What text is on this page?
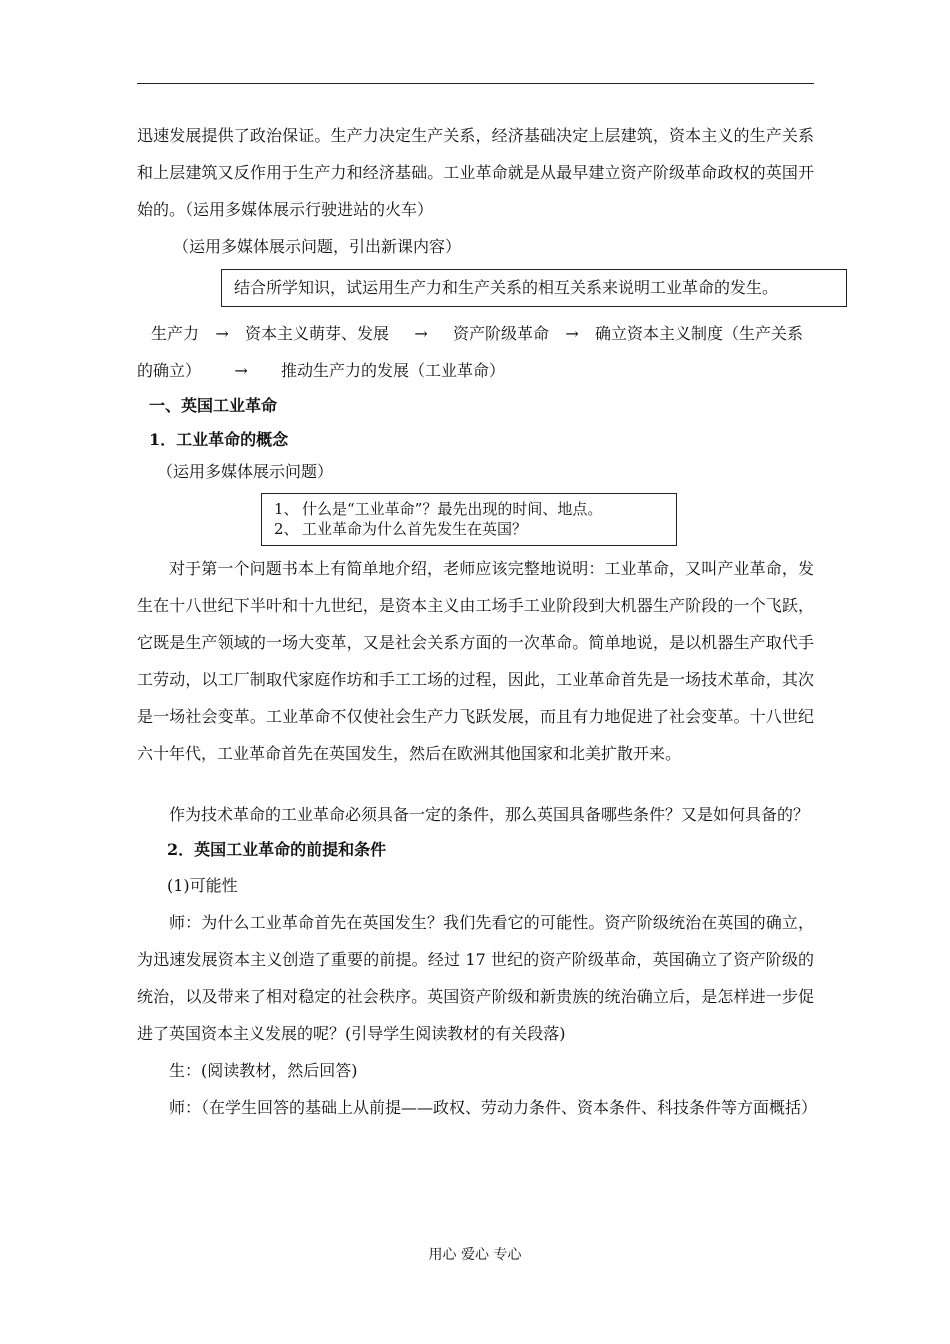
迅速发展提供了政治保证。生产力决定生产关系，经济基础决定上层建筑，资本主义的生产关系和上层建筑又反作用于生产力和经济基础。工业革命就是从最早建立资产阶级革命政权的英国开始的。（运用多媒体展示行驶进站的火车）
（运用多媒体展示问题，引出新课内容）
结合所学知识，试运用生产力和生产关系的相互关系来说明工业革命的发生。
生产力 → 资本主义萌芽、发展 → 资产阶级革命 → 确立资本主义制度（生产关系的确立） → 推动生产力的发展（工业革命）
一、英国工业革命
1．工业革命的概念
（运用多媒体展示问题）
1、 什么是“工业革命”？最先出现的时间、地点。
2、 工业革命为什么首先发生在英国？
对于第一个问题书本上有简单地介绍，老师应该完整地说明：工业革命，又叫产业革命，发生在十八世纪下半叶和十九世纪，是资本主义由工场手工业阶段到大机器生产阶段的一个飞跃，它既是生产领域的一场大变革，又是社会关系方面的一次革命。简单地说，是以机器生产取代手工劳动，以工厂制取代家庭作坊和手工工场的过程，因此，工业革命首先是一场技术革命，其次是一场社会变革。工业革命不仅使社会生产力飞跃发展，而且有力地促进了社会变革。十八世纪六十年代，工业革命首先在英国发生，然后在欧洲其他国家和北美扩散开来。
作为技术革命的工业革命必须具备一定的条件，那么英国具备哪些条件？又是如何具备的？
2．英国工业革命的前提和条件
(1)可能性
师：为什么工业革命首先在英国发生？我们先看它的可能性。资产阶级统治在英国的确立，为迅速发展资本主义创造了重要的前提。经过 17 世纪的资产阶级革命，英国确立了资产阶级的统治，以及带来了相对稳定的社会秩序。英国资产阶级和新贵族的统治确立后，是怎样进一步促进了英国资本主义发展的呢？(引导学生阅读教材的有关段落)
生：(阅读教材，然后回答)
师：（在学生回答的基础上从前提——政权、劳动力条件、资本条件、科技条件等方面概括）
用心 爱心 专心
